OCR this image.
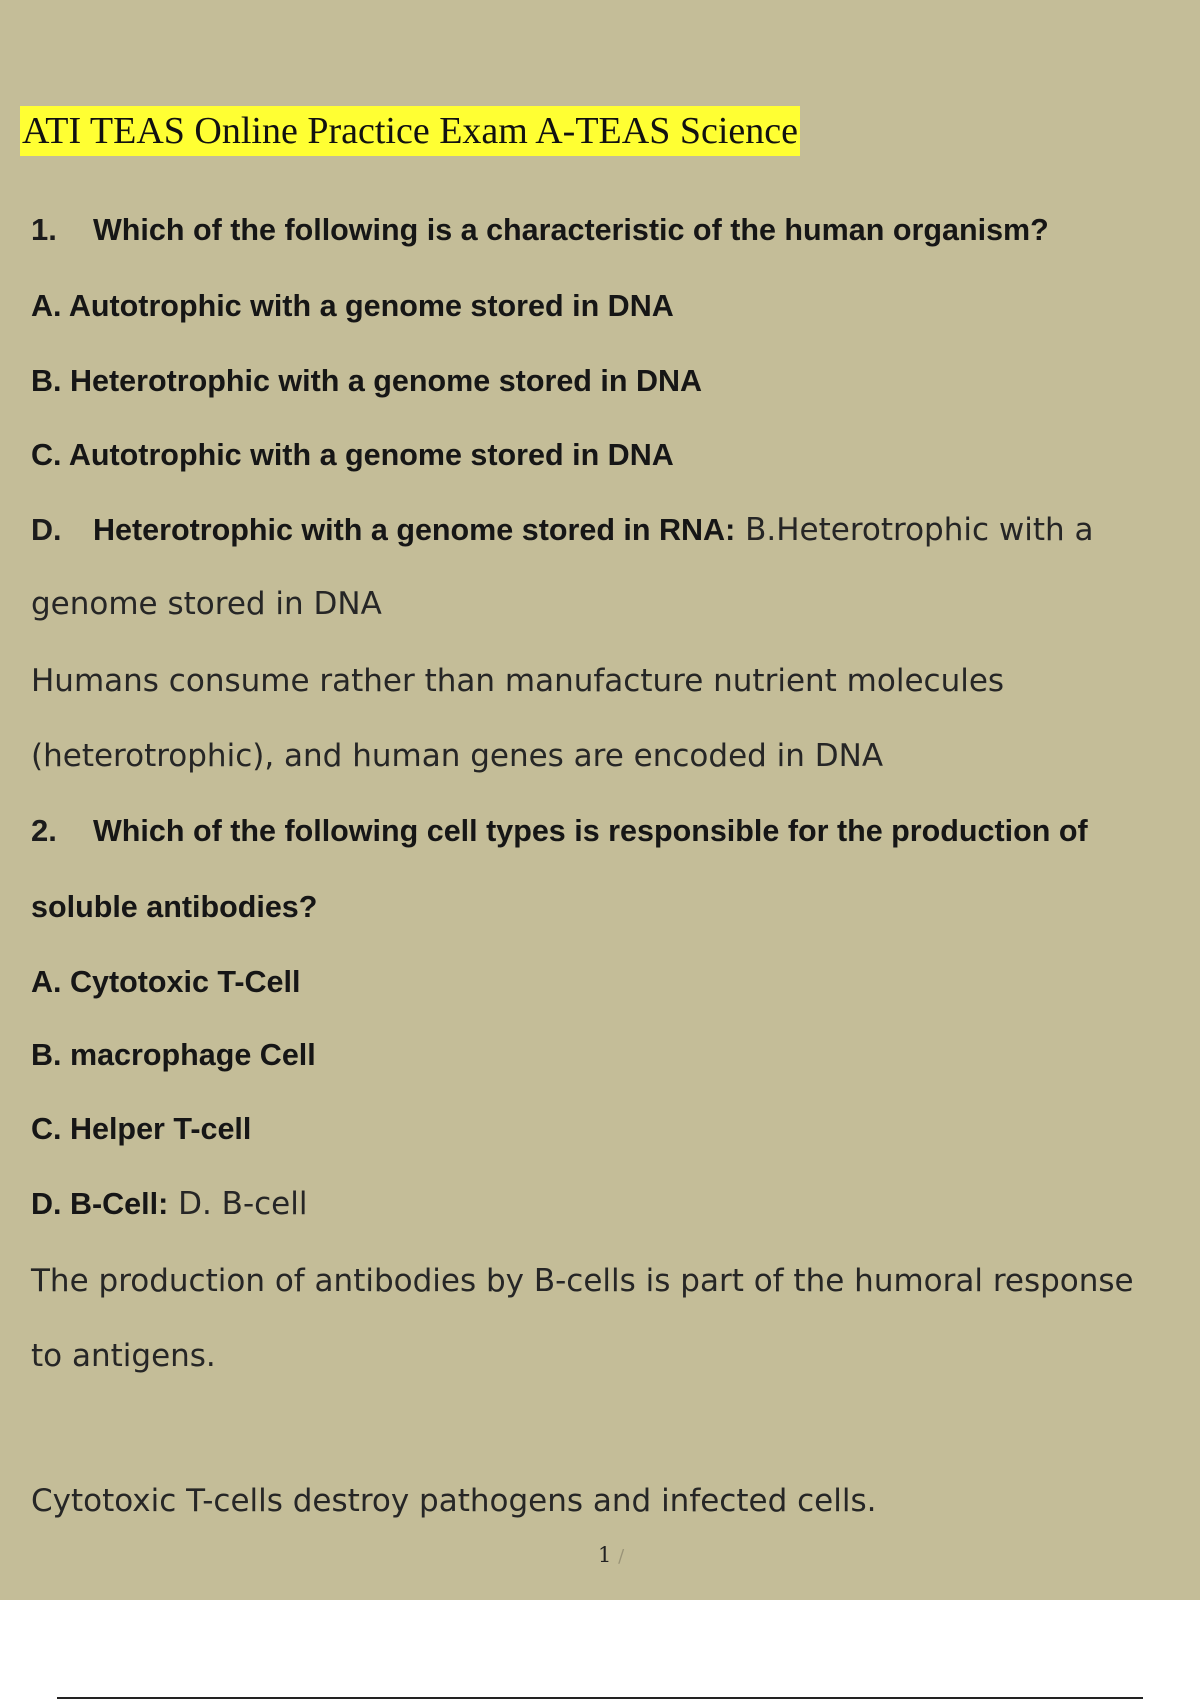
ATI TEAS Online Practice Exam A-TEAS Science
1. Which of the following is a characteristic of the human organism?
A. Autotrophic with a genome stored in DNA
B. Heterotrophic with a genome stored in DNA
C. Autotrophic with a genome stored in DNA
D. Heterotrophic with a genome stored in RNA: B.Heterotrophic with a
genome stored in DNA
Humans consume rather than manufacture nutrient molecules
(heterotrophic), and human genes are encoded in DNA
2. Which of the following cell types is responsible for the production of
soluble antibodies?
A. Cytotoxic T-Cell
B. macrophage Cell
C. Helper T-cell
D. B-Cell: D. B-cell
The production of antibodies by B-cells is part of the humoral response
to antigens.
Cytotoxic T-cells destroy pathogens and infected cells.
1 /
